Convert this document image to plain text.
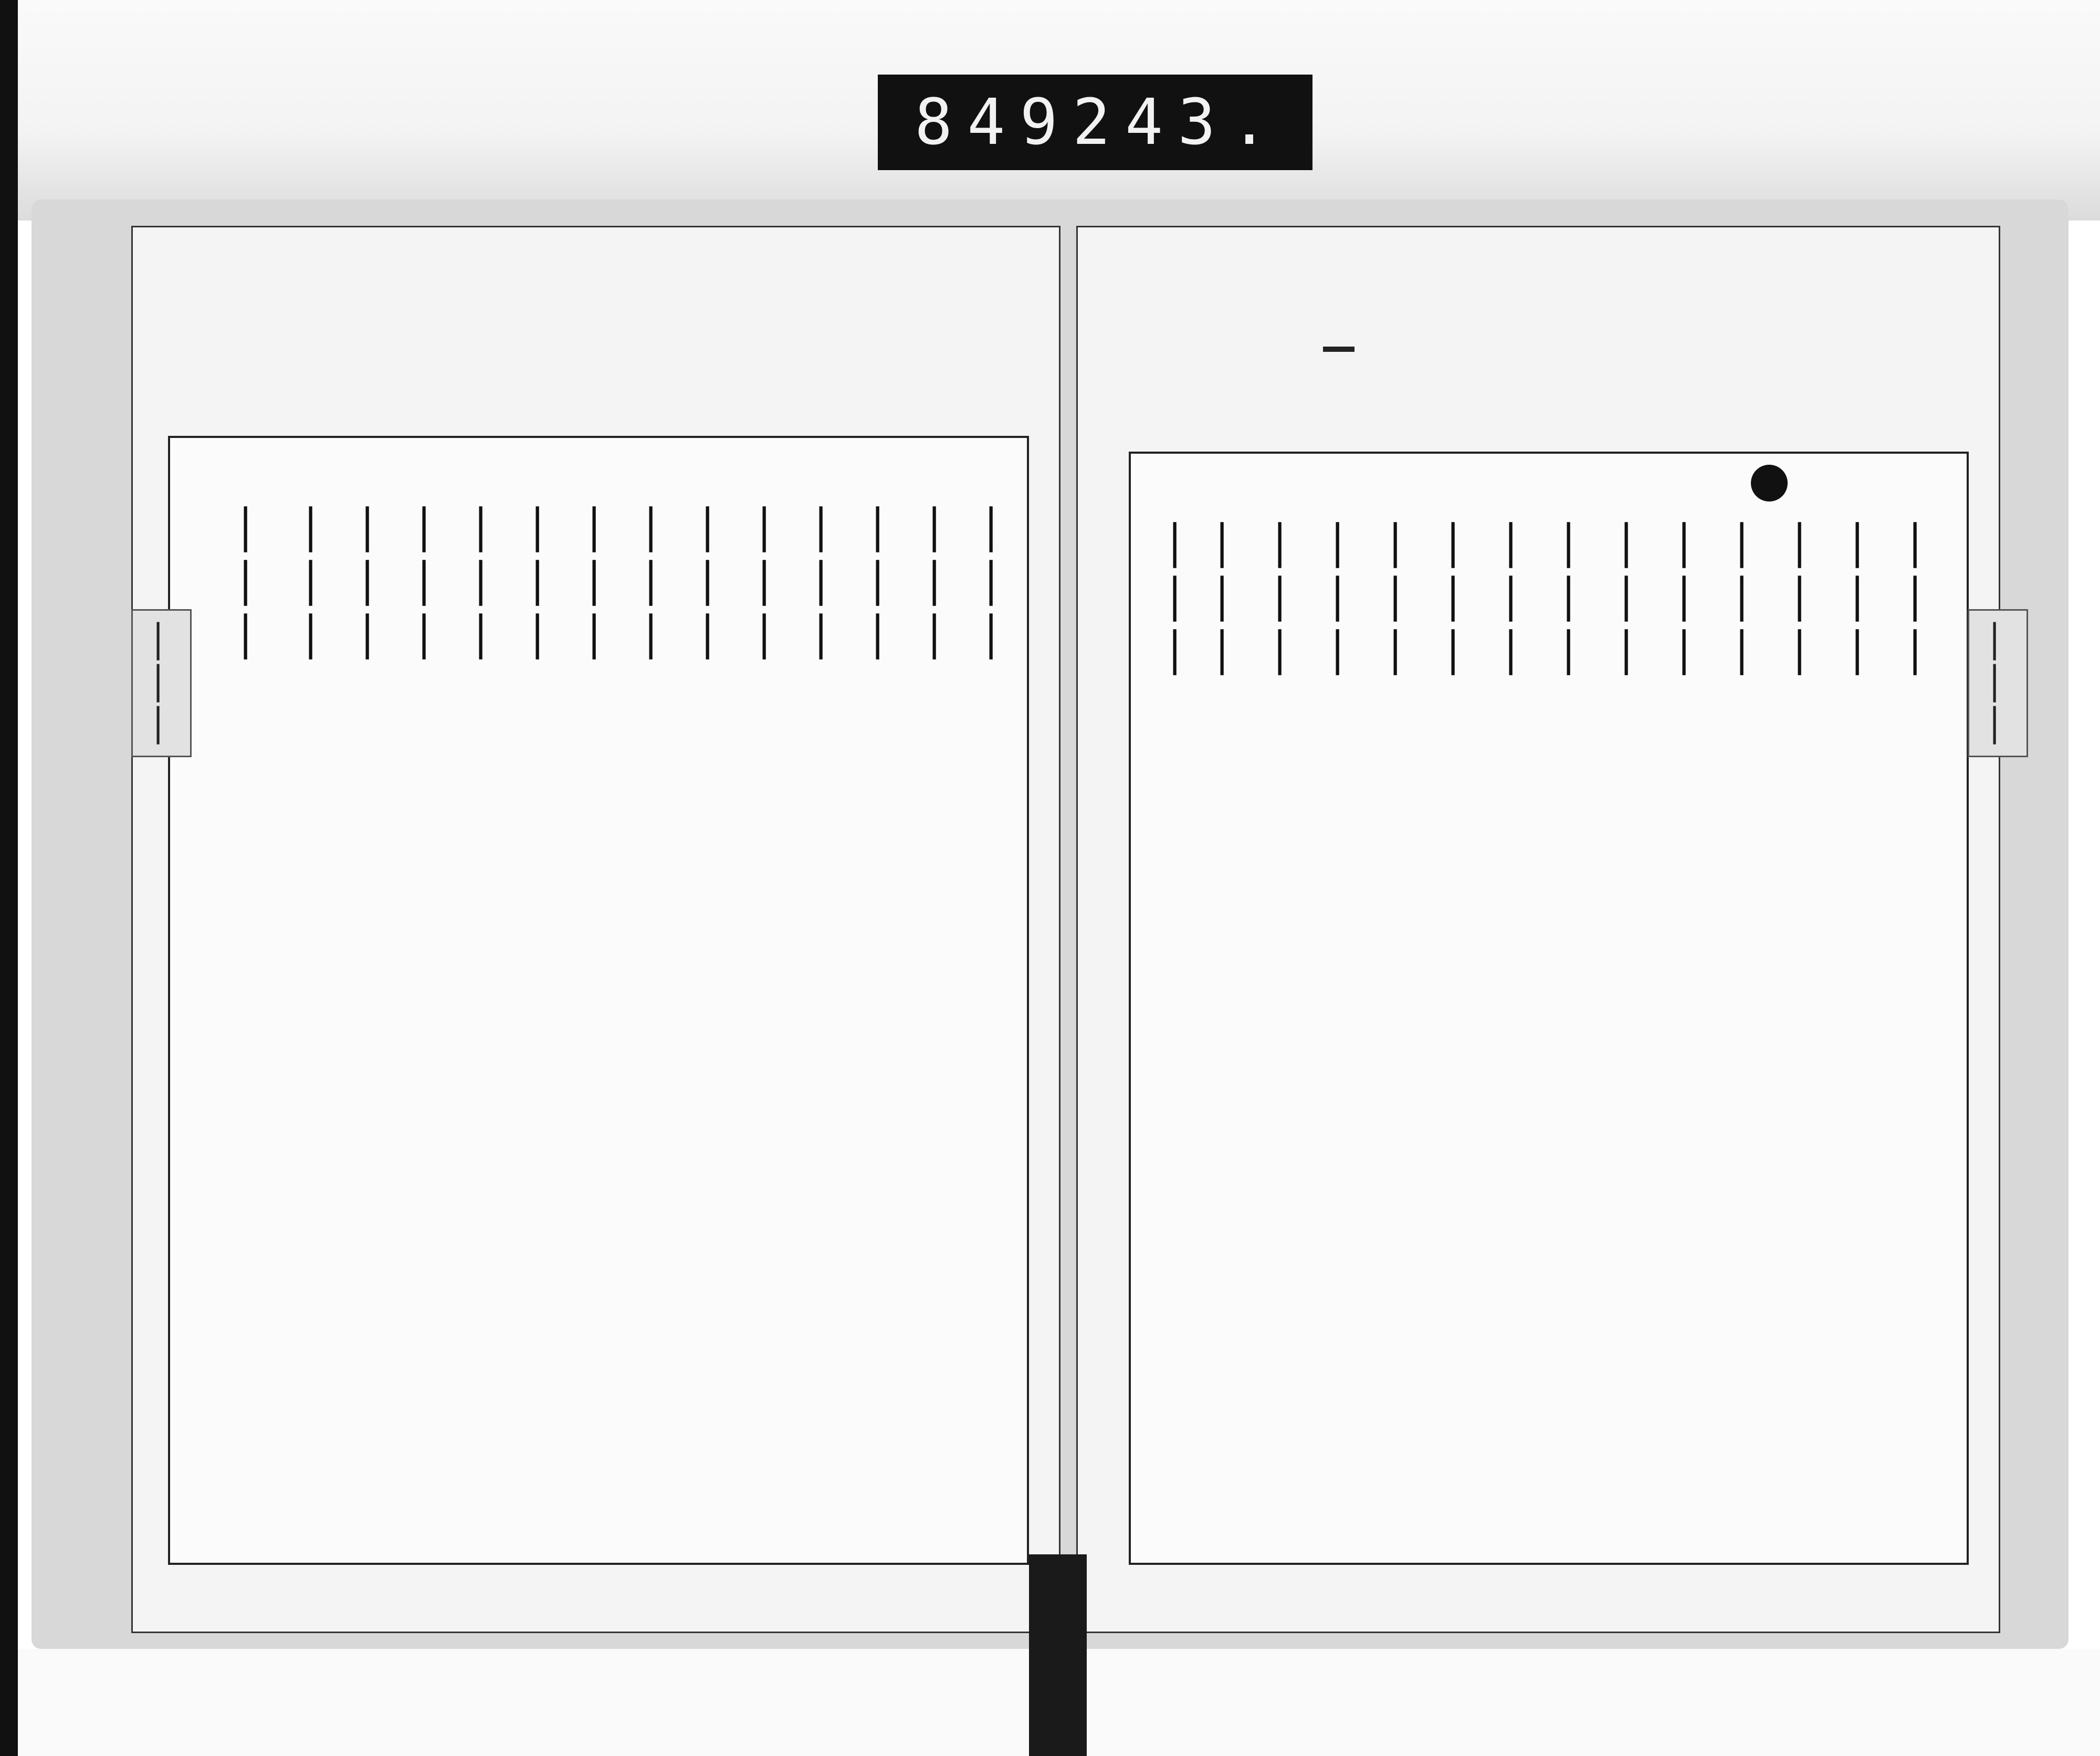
849 243.
———
———
———
———
———
———
———
———
———
———
———
———
———
———
———
———
———
———
———
———
———
———
———
———
———
———
———
———
———
———
